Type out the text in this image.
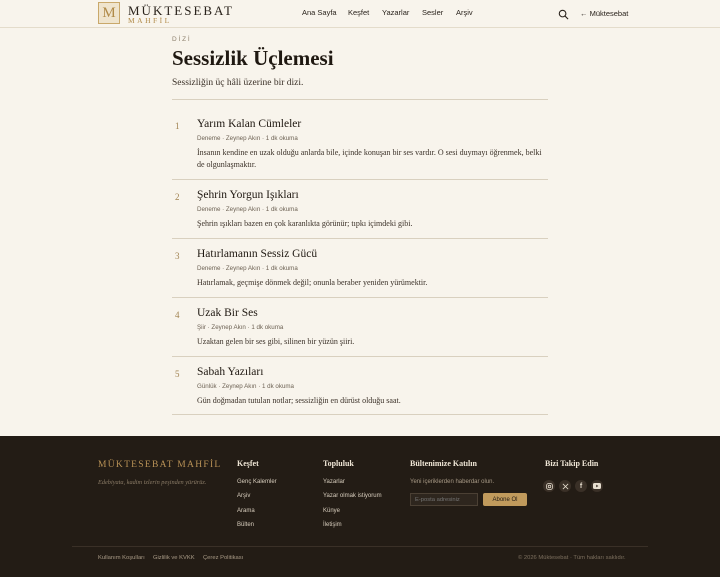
M MÜKTESEBAT
MAHFİL
Ana Sayfa Keşfet Yazarlar Sesler Arşiv	← Müktesebat
DİZİ
Sessizlik Üçlemesi
Sessizliğin üç hâli üzerine bir dizi.
1 Yarım Kalan Cümleler
Deneme · Zeynep Akın · 1 dk okuma

İnsanın kendine en uzak olduğu anlarda bile, içinde konuşan bir ses vardır. O sesi duymayı öğrenmek, belki de olgunlaşmaktır.

2 Şehrin Yorgun Işıkları
Deneme · Zeynep Akın · 1 dk okuma

Şehrin ışıkları bazen en çok karanlıkta görünür; tıpkı içimdeki gibi.

3 Hatırlamanın Sessiz Gücü
Deneme · Zeynep Akın · 1 dk okuma

Hatırlamak, geçmişe dönmek değil; onunla beraber yeniden yürümektir.

4 Uzak Bir Ses
Şiir · Zeynep Akın · 1 dk okuma

Uzaktan gelen bir ses gibi, silinen bir yüzün şiiri.

5 Sabah Yazıları
Günlük · Zeynep Akın · 1 dk okuma

Gün doğmadan tutulan notlar; sessizliğin en dürüst olduğu saat.

MÜKTESEBAT MAHFİL

Edebiyata, kadim izlerin peşinden yürürüz.

Keşfet
Genç Kalemler
Arşiv
Arama
Bülten
Topluluk
Yazarlar
Yazar olmak istiyorum
Künye
İletişim
Bültenimize Katılın
Yeni içeriklerden haberdar olun.
E-posta adresiniz
Abone Ol
Bizi Takip Edin
f
Kullanım Koşulları Gizlilik ve KVKK Çerez Politikası	© 2026 Müktesebat · Tüm hakları saklıdır.
